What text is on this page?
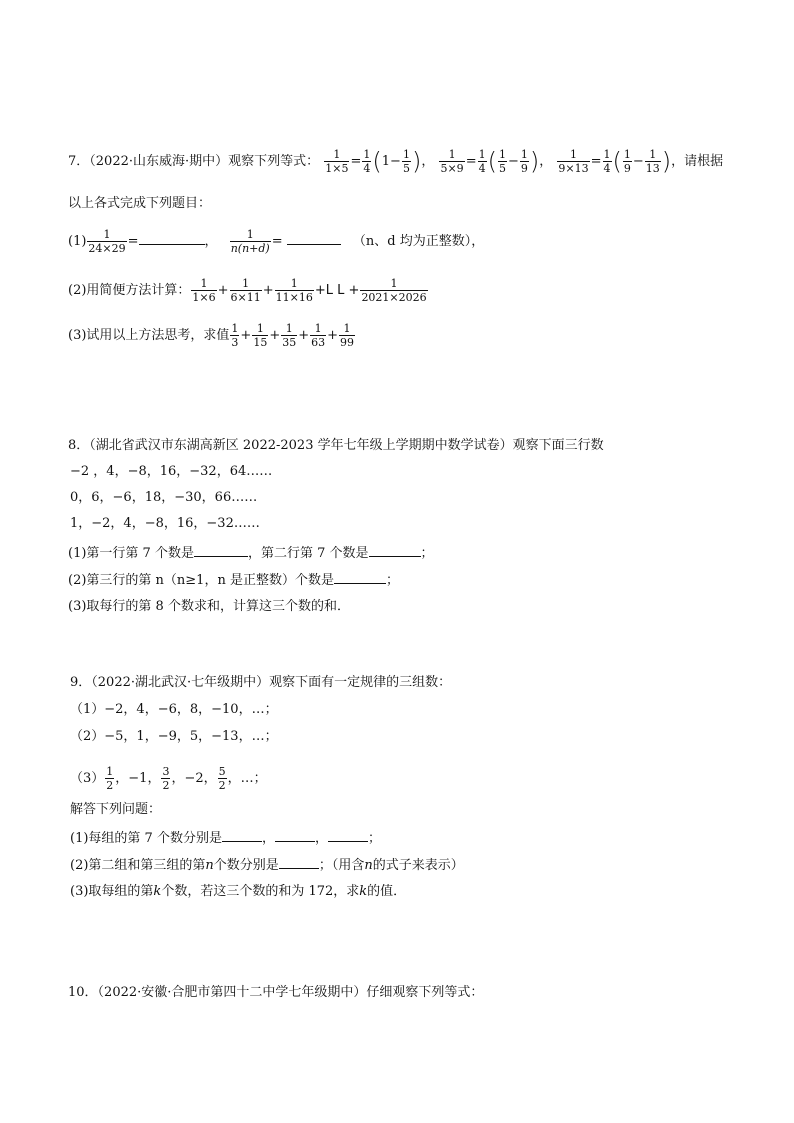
7．（2022·山东威海·期中）观察下列等式： $\frac{1}{1\times 5} = \frac{1}{4} (1- \frac{1}{5}$ )， $\frac{1}{5\times 9} = \frac{1}{4}$ ( $\frac{1}{5} - \frac{1}{9}$ )， $\frac{1}{9\times 13} = \frac{1}{4}$ ( $\frac{1}{9} - \frac{1}{13}$ )，请根据
以上各式完成下列题目：
$(1) \frac{1}{24\times 29}$ =	， $\frac{1}{n(n+d)}$ =	（n、d 均为正整数），
(2)用简便方法计算： $\frac{1}{1\times 6} + \frac{1}{6\times 11} + \frac{1}{11\times 16} +L$ $L + \frac{1}{2021\times 2026}$
(3)试用以上方法思考，求值 $\frac{1}{3} + \frac{1}{15} + \frac{1}{35} + \frac{1}{63} + \frac{1}{99}$
8．（湖北省武汉市东湖高新区 2022-2023 学年七年级上学期期中数学试卷）观察下面三行数
−2 ，4，−8，16，−32，64……
0，6，−6，18，−30，66……
1，−2，4，−8，16，−32……
(1)第一行第 7 个数是	，第二行第 7 个数是	；
(2)第三行的第 n（n≥1，n 是正整数）个数是	；
(3)取每行的第 8 个数求和，计算这三个数的和．
9．（2022·湖北武汉·七年级期中）观察下面有一定规律的三组数：
（1）−2，4，−6，8，−10，…；
（2）−5，1，−9，5，−13，…；
$(3) \frac{1}{2}$ ，−1， $\frac{3}{2}$ ，−2， $\frac{5}{2}$ ，…；
解答下列问题：
(1)每组的第 7 个数分别是	，	，	；
(2)第二组和第三组的第n个数分别是	；（用含n的式子来表示）
(3)取每组的第k个数，若这三个数的和为 172，求k的值．
10．（2022·安徽·合肥市第四十二中学七年级期中）仔细观察下列等式：
